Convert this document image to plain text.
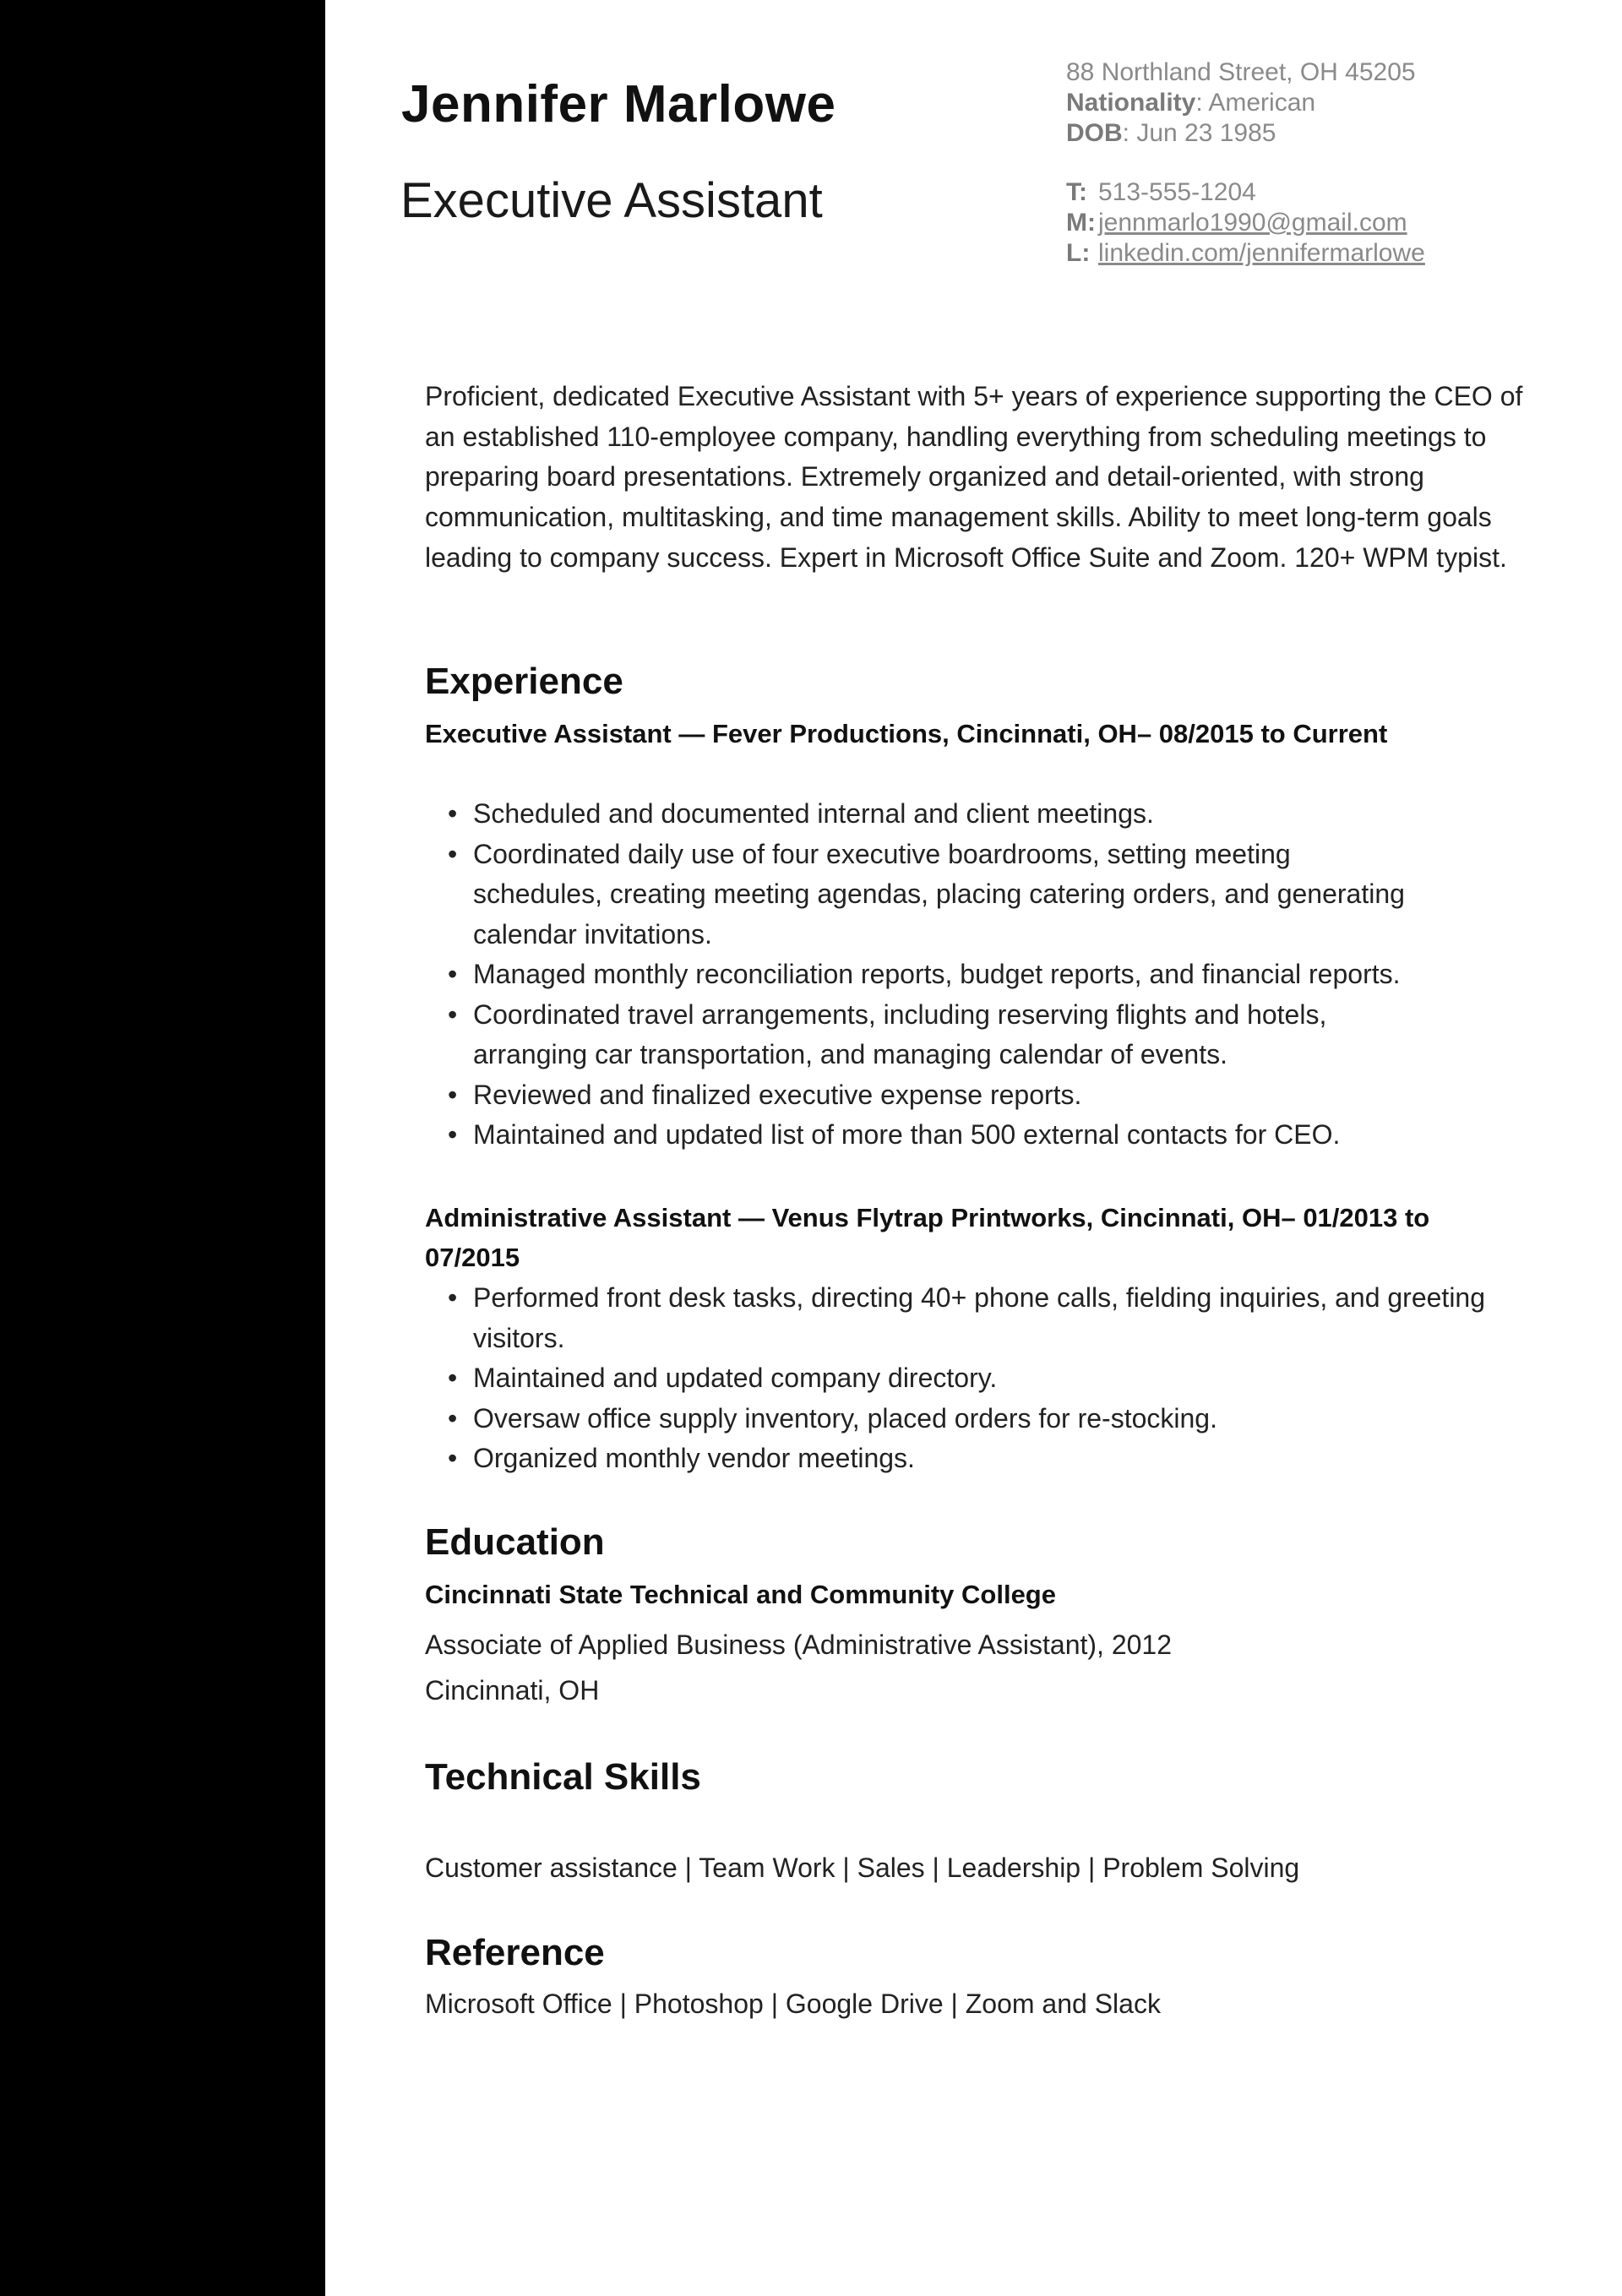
Jennifer Marlowe
Executive Assistant
88 Northland Street, OH 45205
Nationality: American
DOB: Jun 23 1985
T: 513-555-1204
M: jennmarlo1990@gmail.com
L: linkedin.com/jennifermarlowe

Proficient, dedicated Executive Assistant with 5+ years of experience supporting the CEO of an established 110-employee company, handling everything from scheduling meetings to preparing board presentations. Extremely organized and detail-oriented, with strong communication, multitasking, and time management skills. Ability to meet long-term goals leading to company success. Expert in Microsoft Office Suite and Zoom. 120+ WPM typist.

Experience
Executive Assistant — Fever Productions, Cincinnati, OH– 08/2015 to Current
• Scheduled and documented internal and client meetings.
• Coordinated daily use of four executive boardrooms, setting meeting schedules, creating meeting agendas, placing catering orders, and generating calendar invitations.
• Managed monthly reconciliation reports, budget reports, and financial reports.
• Coordinated travel arrangements, including reserving flights and hotels, arranging car transportation, and managing calendar of events.
• Reviewed and finalized executive expense reports.
• Maintained and updated list of more than 500 external contacts for CEO.
Administrative Assistant — Venus Flytrap Printworks, Cincinnati, OH– 01/2013 to 07/2015
• Performed front desk tasks, directing 40+ phone calls, fielding inquiries, and greeting visitors.
• Maintained and updated company directory.
• Oversaw office supply inventory, placed orders for re-stocking.
• Organized monthly vendor meetings.
Education
Cincinnati State Technical and Community College
Associate of Applied Business (Administrative Assistant), 2012
Cincinnati, OH
Technical Skills
Customer assistance | Team Work | Sales | Leadership | Problem Solving
Reference
Microsoft Office | Photoshop | Google Drive | Zoom and Slack
